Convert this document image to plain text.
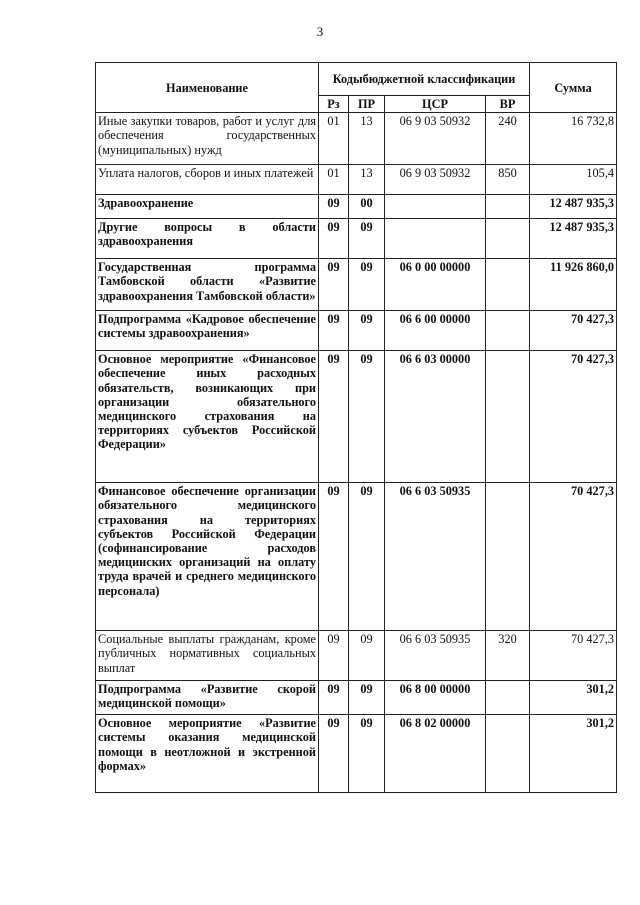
3
Наименование	Кодыбюджетной классификации				Сумма
	Рз	ПР	ЦСР	ВР	
Иные закупки товаров, работ и услуг для обеспечения государственных (муниципальных) нужд	01	13	06 9 03 50932	240	16 732,8
Уплата налогов, сборов и иных платежей	01	13	06 9 03 50932	850	105,4
Здравоохранение	09	00			12 487 935,3
Другие вопросы в области здравоохранения	09	09			12 487 935,3
Государственная программа Тамбовской области «Развитие здравоохранения Тамбовской области»	09	09	06 0 00 00000		11 926 860,0
Подпрограмма «Кадровое обеспечение системы здравоохранения»	09	09	06 6 00 00000		70 427,3
Основное мероприятие «Финансовое обеспечение иных расходных обязательств, возникающих при организации обязательного медицинского страхования на территориях субъектов Российской Федерации»	09	09	06 6 03 00000		70 427,3
Финансовое обеспечение организации обязательного медицинского страхования на территориях субъектов Российской Федерации (софинансирование расходов медицинских организаций на оплату труда врачей и среднего медицинского персонала)	09	09	06 6 03 50935		70 427,3
Социальные выплаты гражданам, кроме публичных нормативных социальных выплат	09	09	06 6 03 50935	320	70 427,3
Подпрограмма «Развитие скорой медицинской помощи»	09	09	06 8 00 00000		301,2
Основное мероприятие «Развитие системы оказания медицинской помощи в неотложной и экстренной формах»	09	09	06 8 02 00000		301,2
